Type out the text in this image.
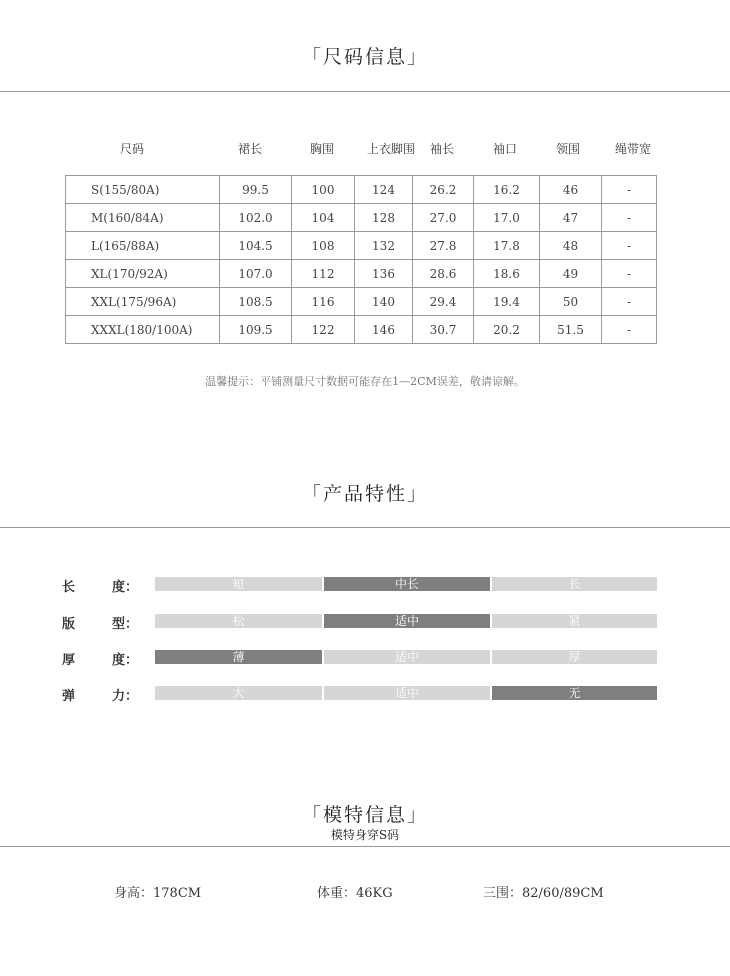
「尺码信息」
尺码	裙长	胸围	上衣脚围 袖长	袖口	领围	绳带宽
S(155/80A)	99.5	100	124	26.2	16.2	46	-
M(160/84A)	102.0	104	128	27.0	17.0	47	-
L(165/88A)	104.5	108	132	27.8	17.8	48	-
XL(170/92A)	107.0	112	136	28.6	18.6	49	-
XXL(175/96A)	108.5	116	140	29.4	19.4	50	-
XXXL(180/100A)	109.5	122	146	30.7	20.2	51.5	-
温馨提示：平铺测量尺寸数据可能存在1—2CM误差，敬请谅解。
「产品特性」
长	度：	短	中长	长
版	型：	松	适中	紧
厚	度：	薄	适中	厚
弹	力：	大	适中	无
「模特信息」
模特身穿S码
身高：178CM	体重：46KG	三围：82/60/89CM
